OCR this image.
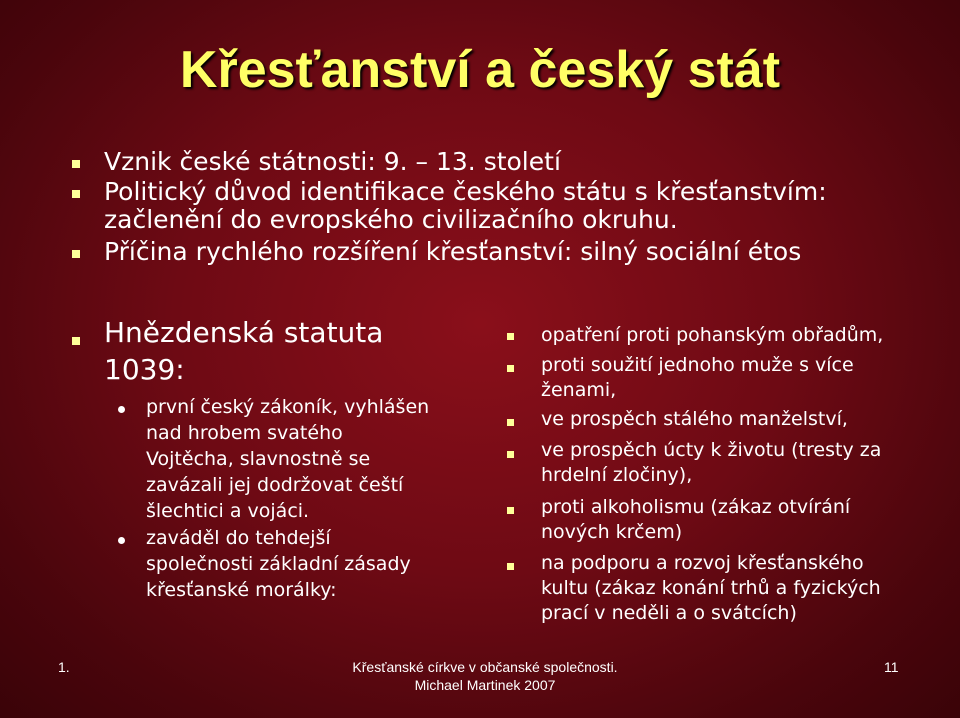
Křesťanství a český stát
Vznik české státnosti: 9. – 13. století
Politický důvod identifikace českého státu s křesťanstvím:
začlenění do evropského civilizačního okruhu.
Příčina rychlého rozšíření křesťanství: silný sociální étos
Hnězdenská statuta
1039:
první český zákoník, vyhlášen
nad hrobem svatého
Vojtěcha, slavnostně se
zavázali jej dodržovat čeští
šlechtici a vojáci.
zaváděl do tehdejší
společnosti základní zásady
křesťanské morálky:
opatření proti pohanským obřadům,
proti soužití jednoho muže s více
ženami,
ve prospěch stálého manželství,
ve prospěch úcty k životu (tresty za
hrdelní zločiny),
proti alkoholismu (zákaz otvírání
nových krčem)
na podporu a rozvoj křesťanského
kultu (zákaz konání trhů a fyzických
prací v neděli a o svátcích)
1.	Křesťanské církve v občanské společnosti.
Michael Martinek 2007
11
